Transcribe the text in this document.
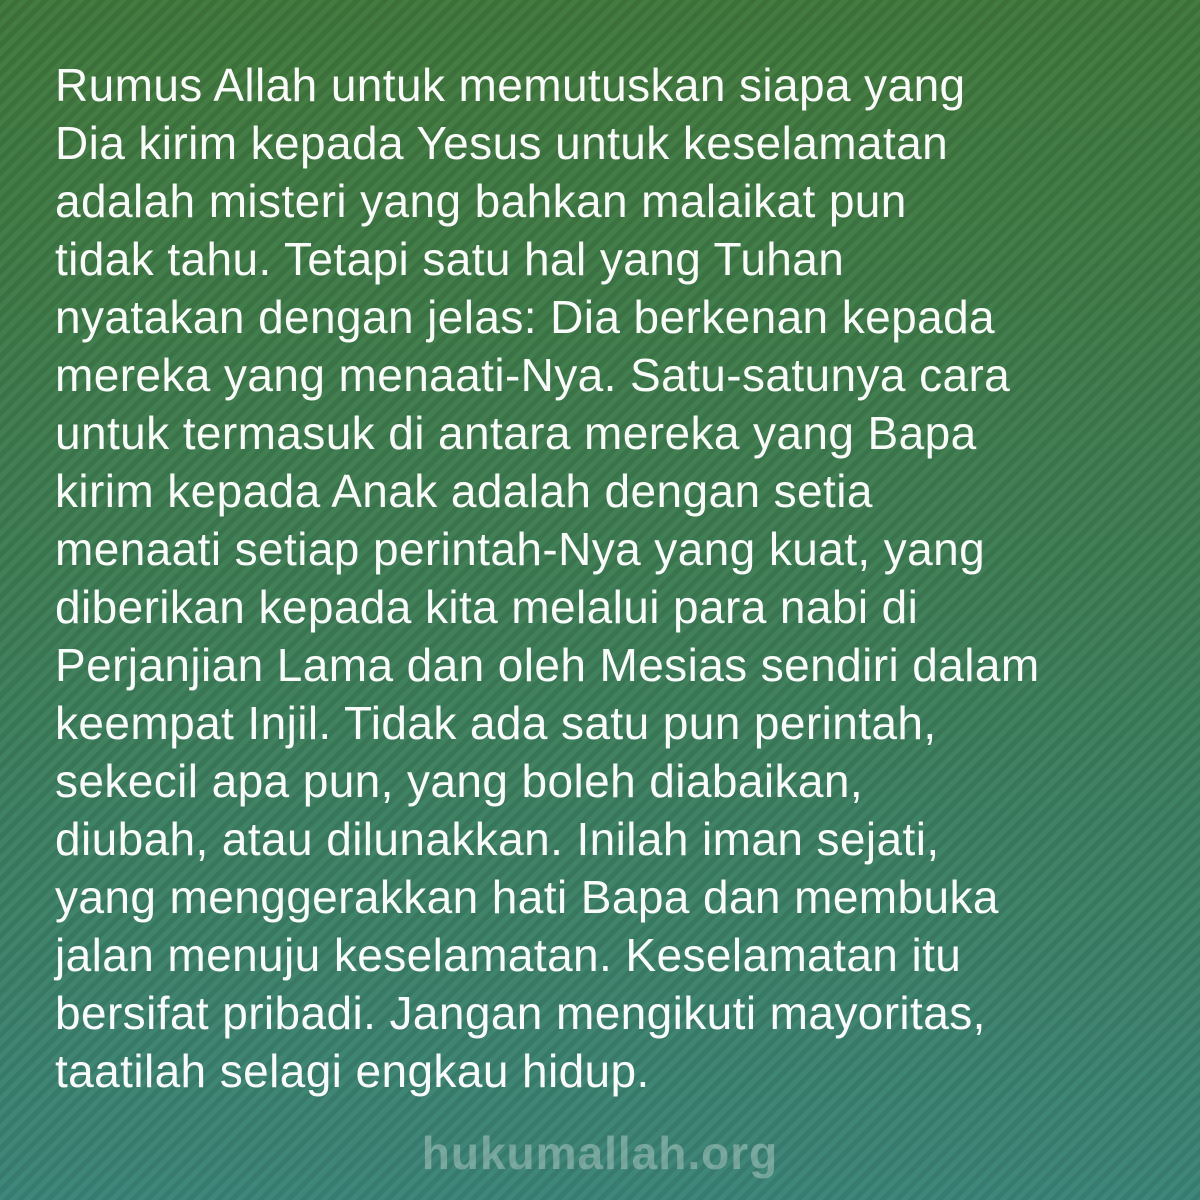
Rumus Allah untuk memutuskan siapa yang
Dia kirim kepada Yesus untuk keselamatan
adalah misteri yang bahkan malaikat pun
tidak tahu. Tetapi satu hal yang Tuhan
nyatakan dengan jelas: Dia berkenan kepada
mereka yang menaati-Nya. Satu-satunya cara
untuk termasuk di antara mereka yang Bapa
kirim kepada Anak adalah dengan setia
menaati setiap perintah-Nya yang kuat, yang
diberikan kepada kita melalui para nabi di
Perjanjian Lama dan oleh Mesias sendiri dalam
keempat Injil. Tidak ada satu pun perintah,
sekecil apa pun, yang boleh diabaikan,
diubah, atau dilunakkan. Inilah iman sejati,
yang menggerakkan hati Bapa dan membuka
jalan menuju keselamatan. Keselamatan itu
bersifat pribadi. Jangan mengikuti mayoritas,
taatilah selagi engkau hidup.
hukumallah.org
